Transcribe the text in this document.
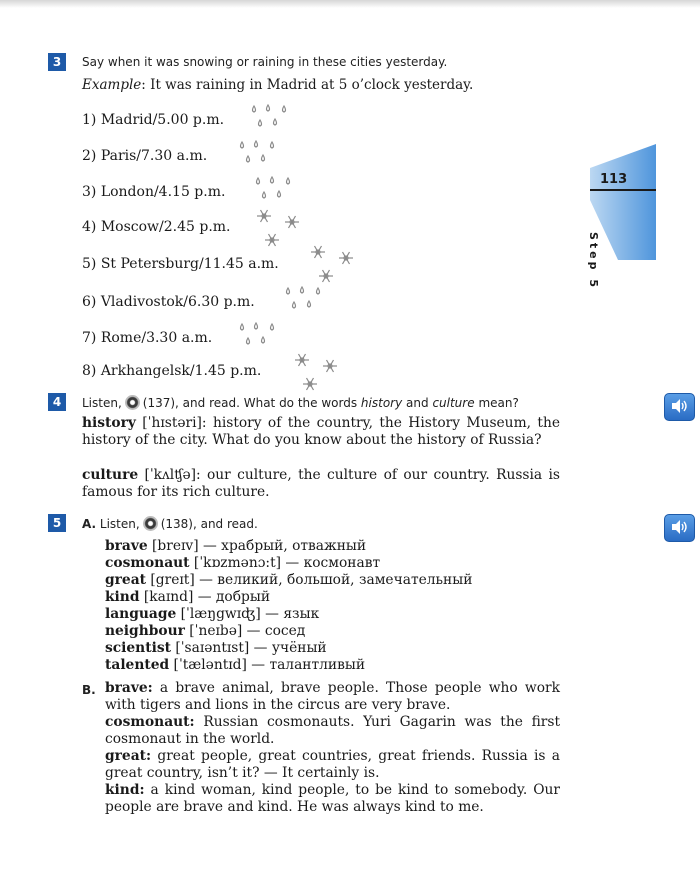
113
Step 5
3	Say when it was snowing or raining in these cities yesterday.
Example: It was raining in Madrid at 5 o’clock yesterday.
1) Madrid/5.00 p.m.
2) Paris/7.30 a.m.
3) London/4.15 p.m.
4) Moscow/2.45 p.m.
5) St Petersburg/11.45 a.m.
6) Vladivostok/6.30 p.m.
7) Rome/3.30 a.m.
8) Arkhangelsk/1.45 p.m.
4	Listen, (137), and read. What do the words history and culture mean?
history [ˈhɪstəri]: history of the country, the History Museum, the history of the city. What do you know about the history of Russia?
culture [ˈkʌlʧə]: our culture, the culture of our country. Russia is famous for its rich culture.
5	A. Listen, (138), and read.
brave [breɪv] — храбрый, отважный
cosmonaut [ˈkɒzmənɔ:t] — космонавт
great [greɪt] — великий, большой, замечательный
kind [kaɪnd] — добрый
language [ˈlæŋgwɪʤ] — язык
neighbour [ˈneɪbə] — сосед
scientist [ˈsaɪəntɪst] — учёный
talented [ˈtæləntɪd] — талантливый
B. brave: a brave animal, brave people. Those people who work with tigers and lions in the circus are very brave.
cosmonaut: Russian cosmonauts. Yuri Gagarin was the first cosmonaut in the world.
great: great people, great countries, great friends. Russia is a great country, isn’t it? — It certainly is.
kind: a kind woman, kind people, to be kind to somebody. Our people are brave and kind. He was always kind to me.
